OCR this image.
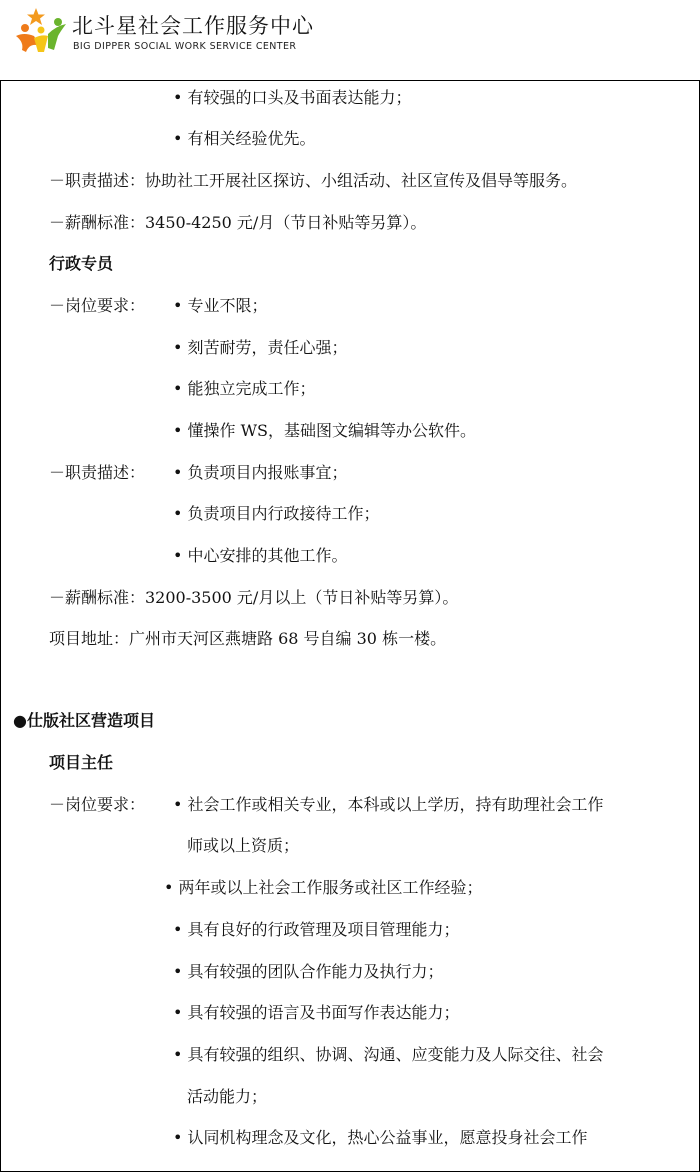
北斗星社会工作服务中心
BIG DIPPER SOCIAL WORK SERVICE CENTER
• 有较强的口头及书面表达能力；
• 有相关经验优先。
－职责描述：协助社工开展社区探访、小组活动、社区宣传及倡导等服务。
－薪酬标准：3450-4250 元/月（节日补贴等另算）。
行政专员
－岗位要求： • 专业不限；
• 刻苦耐劳，责任心强；
• 能独立完成工作；
• 懂操作 WS，基础图文编辑等办公软件。
－职责描述： • 负责项目内报账事宜；
• 负责项目内行政接待工作；
• 中心安排的其他工作。
－薪酬标准：3200-3500 元/月以上（节日补贴等另算）。
项目地址：广州市天河区燕塘路 68 号自编 30 栋一楼。
●仕版社区营造项目
项目主任
－岗位要求： • 社会工作或相关专业，本科或以上学历，持有助理社会工作
师或以上资质；
• 两年或以上社会工作服务或社区工作经验；
• 具有良好的行政管理及项目管理能力；
• 具有较强的团队合作能力及执行力；
• 具有较强的语言及书面写作表达能力；
• 具有较强的组织、协调、沟通、应变能力及人际交往、社会
活动能力；
• 认同机构理念及文化，热心公益事业，愿意投身社会工作
